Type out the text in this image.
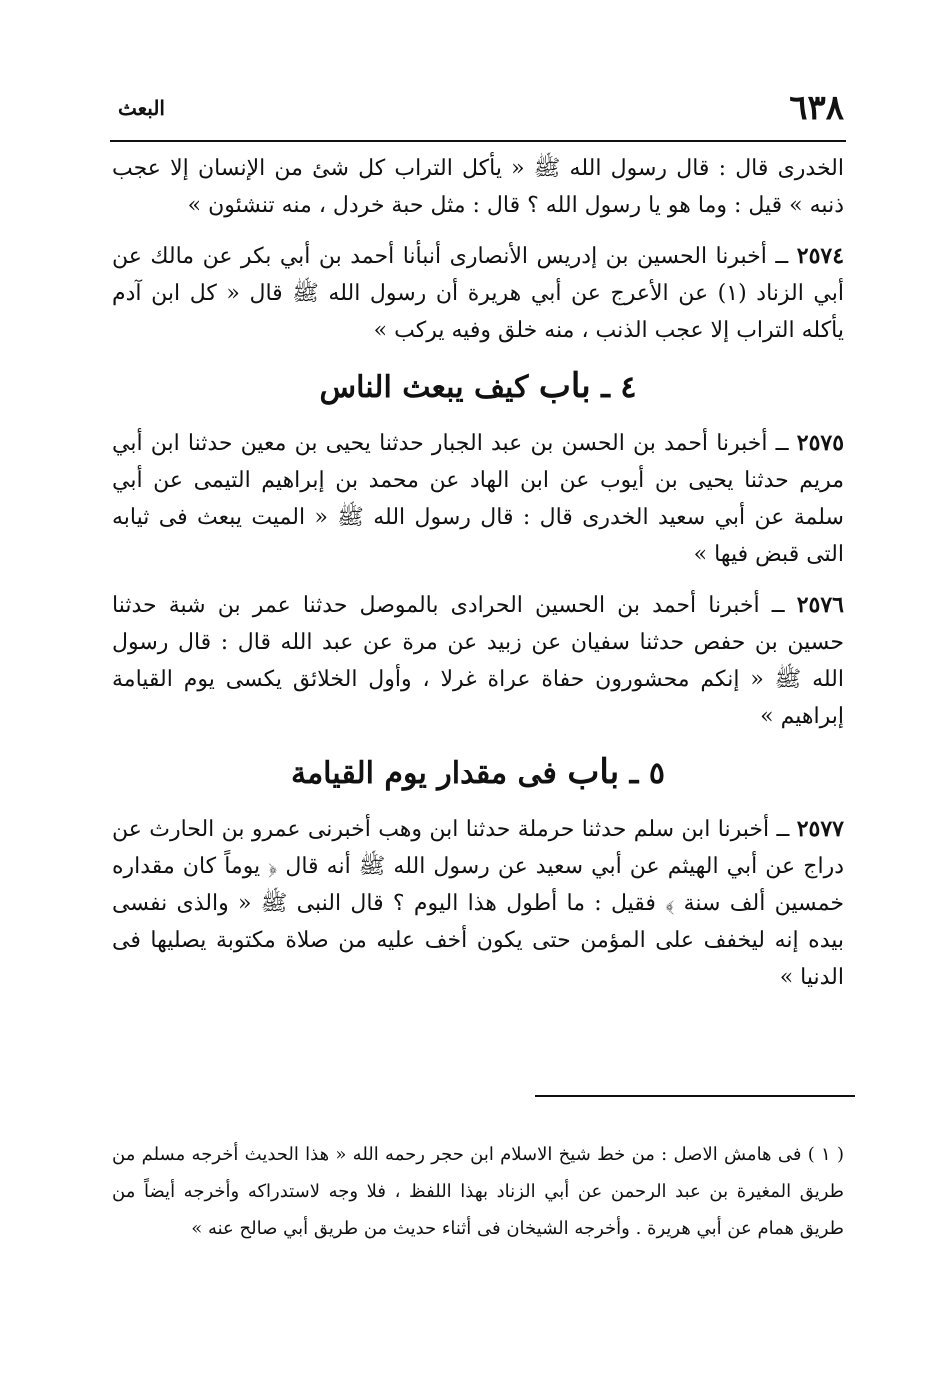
٦٣٨
البعث

الخدرى قال : قال رسول الله ﷺ « يأكل التراب كل شئ من الإنسان إلا عجب ذنبه » قيل : وما هو يا رسول الله ؟ قال : مثل حبة خردل ، منه تنشئون »

٢٥٧٤ ــ أخبرنا الحسين بن إدريس الأنصارى أنبأنا أحمد بن أبي بكر عن مالك عن أبي الزناد (١) عن الأعرج عن أبي هريرة أن رسول الله ﷺ قال « كل ابن آدم يأكله التراب إلا عجب الذنب ، منه خلق وفيه يركب »

٤ ـ باب كيف يبعث الناس

٢٥٧٥ ــ أخبرنا أحمد بن الحسن بن عبد الجبار حدثنا يحيى بن معين حدثنا ابن أبي مريم حدثنا يحيى بن أيوب عن ابن الهاد عن محمد بن إبراهيم التيمى عن أبي سلمة عن أبي سعيد الخدرى قال : قال رسول الله ﷺ « الميت يبعث فى ثيابه التى قبض فيها »

٢٥٧٦ ــ أخبرنا أحمد بن الحسين الحرادى بالموصل حدثنا عمر بن شبة حدثنا حسين بن حفص حدثنا سفيان عن زبيد عن مرة عن عبد الله قال : قال رسول الله ﷺ « إنكم محشورون حفاة عراة غرلا ، وأول الخلائق يكسى يوم القيامة إبراهيم »

٥ ـ باب فى مقدار يوم القيامة

٢٥٧٧ ــ أخبرنا ابن سلم حدثنا حرملة حدثنا ابن وهب أخبرنى عمرو بن الحارث عن دراج عن أبي الهيثم عن أبي سعيد عن رسول الله ﷺ أنه قال ﴿ يوماً كان مقداره خمسين ألف سنة ﴾ فقيل : ما أطول هذا اليوم ؟ قال النبى ﷺ « والذى نفسى بيده إنه ليخفف على المؤمن حتى يكون أخف عليه من صلاة مكتوبة يصليها فى الدنيا »

( ١ ) فى هامش الاصل : من خط شيخ الاسلام ابن حجر رحمه الله « هذا الحديث أخرجه مسلم من طريق المغيرة بن عبد الرحمن عن أبي الزناد بهذا اللفظ ، فلا وجه لاستدراكه وأخرجه أيضاً من طريق همام عن أبي هريرة . وأخرجه الشيخان فى أثناء حديث من طريق أبي صالح عنه »
